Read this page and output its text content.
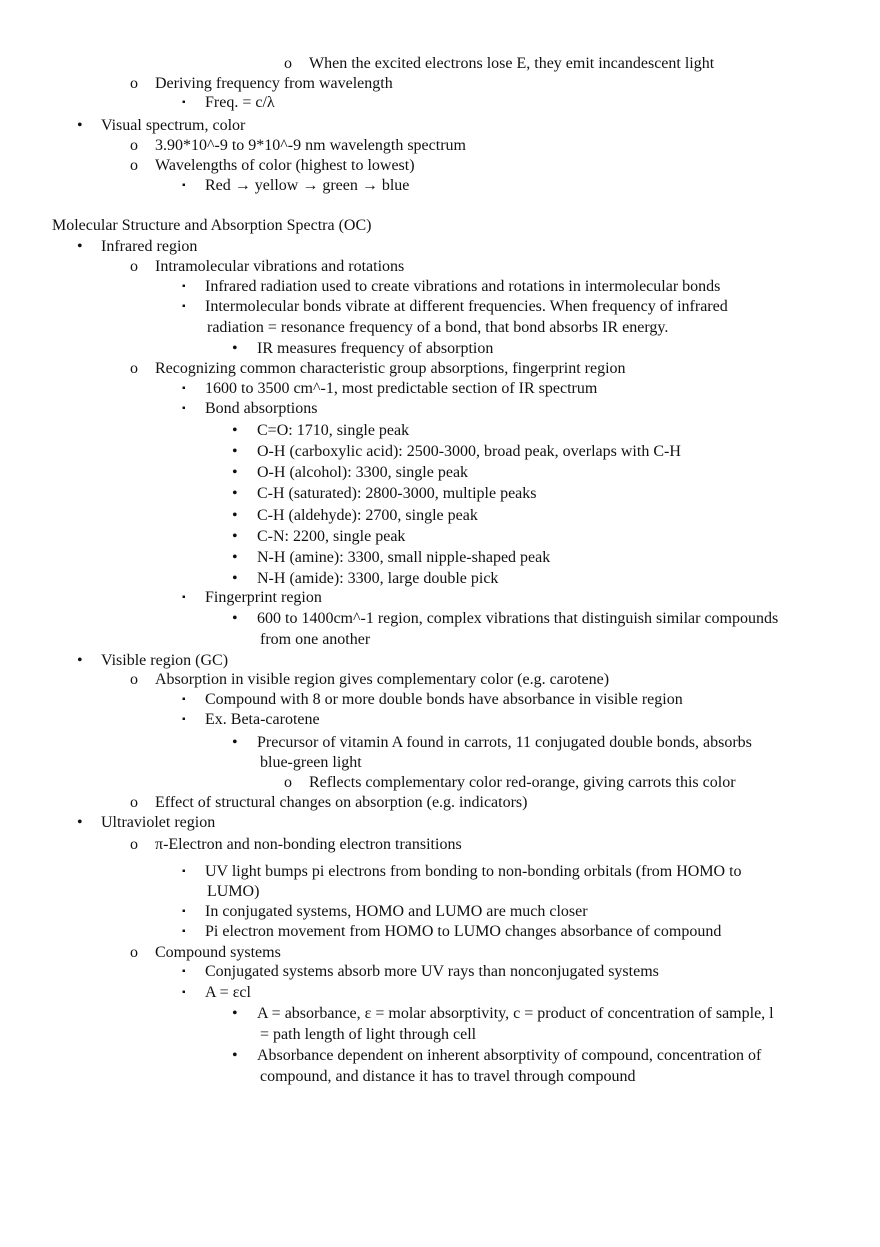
o When the excited electrons lose E, they emit incandescent light
o Deriving frequency from wavelength
▪ Freq. = c/λ
• Visual spectrum, color
o 3.90*10^-9 to 9*10^-9 nm wavelength spectrum
o Wavelengths of color (highest to lowest)
▪ Red → yellow → green → blue
Molecular Structure and Absorption Spectra (OC)
• Infrared region
o Intramolecular vibrations and rotations
▪ Infrared radiation used to create vibrations and rotations in intermolecular bonds
▪ Intermolecular bonds vibrate at different frequencies. When frequency of infrared
radiation = resonance frequency of a bond, that bond absorbs IR energy.
• IR measures frequency of absorption
o Recognizing common characteristic group absorptions, fingerprint region
▪ 1600 to 3500 cm^-1, most predictable section of IR spectrum
▪ Bond absorptions
• C=O: 1710, single peak
• O-H (carboxylic acid): 2500-3000, broad peak, overlaps with C-H
• O-H (alcohol): 3300, single peak
• C-H (saturated): 2800-3000, multiple peaks
• C-H (aldehyde): 2700, single peak
• C-N: 2200, single peak
• N-H (amine): 3300, small nipple-shaped peak
• N-H (amide): 3300, large double pick
▪ Fingerprint region
• 600 to 1400cm^-1 region, complex vibrations that distinguish similar compounds
from one another
• Visible region (GC)
o Absorption in visible region gives complementary color (e.g. carotene)
▪ Compound with 8 or more double bonds have absorbance in visible region
▪ Ex. Beta-carotene
• Precursor of vitamin A found in carrots, 11 conjugated double bonds, absorbs
blue-green light
o Reflects complementary color red-orange, giving carrots this color
o Effect of structural changes on absorption (e.g. indicators)
• Ultraviolet region
o π-Electron and non-bonding electron transitions
▪ UV light bumps pi electrons from bonding to non-bonding orbitals (from HOMO to
LUMO)
▪ In conjugated systems, HOMO and LUMO are much closer
▪ Pi electron movement from HOMO to LUMO changes absorbance of compound
o Compound systems
▪ Conjugated systems absorb more UV rays than nonconjugated systems
▪ A = εcl
• A = absorbance, ε = molar absorptivity, c = product of concentration of sample, l
= path length of light through cell
• Absorbance dependent on inherent absorptivity of compound, concentration of
compound, and distance it has to travel through compound
